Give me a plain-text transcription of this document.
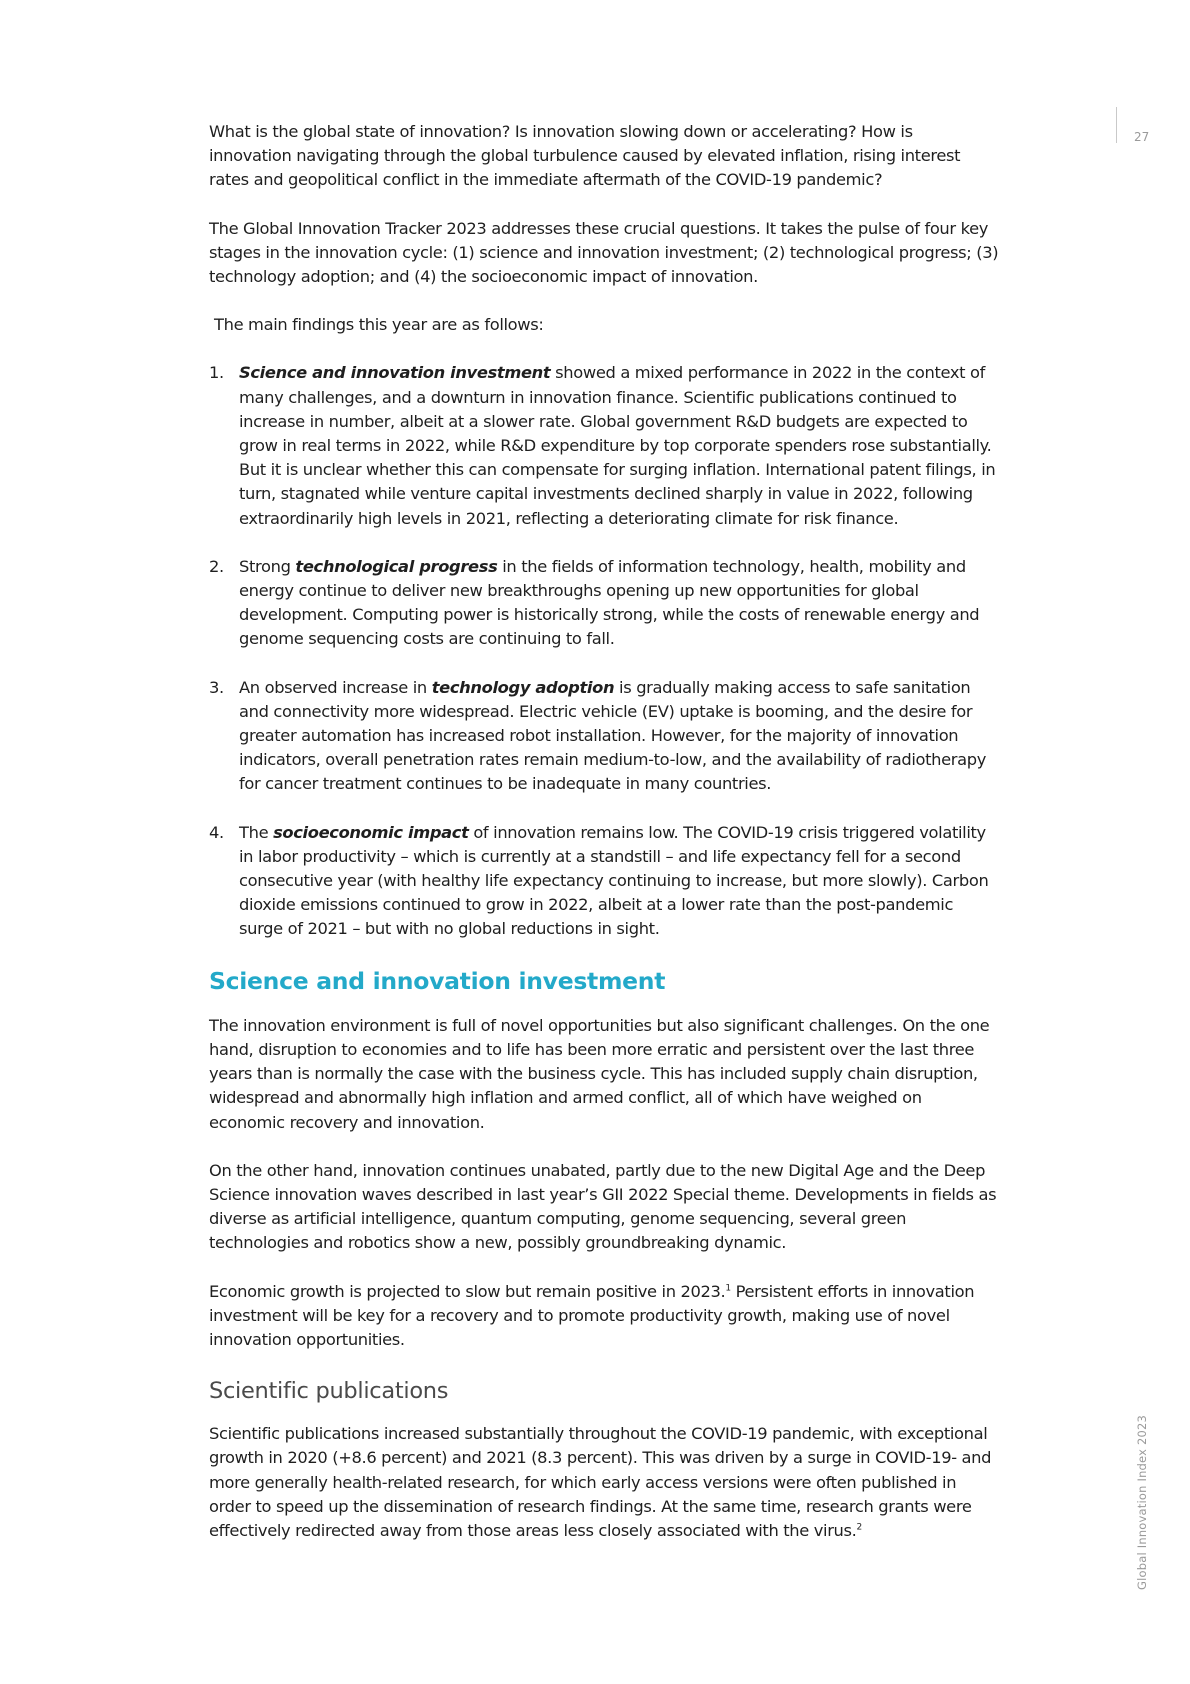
27
Global Innovation Index 2023

What is the global state of innovation? Is innovation slowing down or accelerating? How is innovation navigating through the global turbulence caused by elevated inflation, rising interest rates and geopolitical conflict in the immediate aftermath of the COVID-19 pandemic?

The Global Innovation Tracker 2023 addresses these crucial questions. It takes the pulse of four key stages in the innovation cycle: (1) science and innovation investment; (2) technological progress; (3) technology adoption; and (4) the socioeconomic impact of innovation.

The main findings this year are as follows:

1. Science and innovation investment showed a mixed performance in 2022 in the context of many challenges, and a downturn in innovation finance. Scientific publications continued to increase in number, albeit at a slower rate. Global government R&D budgets are expected to grow in real terms in 2022, while R&D expenditure by top corporate spenders rose substantially. But it is unclear whether this can compensate for surging inflation. International patent filings, in turn, stagnated while venture capital investments declined sharply in value in 2022, following extraordinarily high levels in 2021, reflecting a deteriorating climate for risk finance.
2. Strong technological progress in the fields of information technology, health, mobility and energy continue to deliver new breakthroughs opening up new opportunities for global development. Computing power is historically strong, while the costs of renewable energy and genome sequencing costs are continuing to fall.
3. An observed increase in technology adoption is gradually making access to safe sanitation and connectivity more widespread. Electric vehicle (EV) uptake is booming, and the desire for greater automation has increased robot installation. However, for the majority of innovation indicators, overall penetration rates remain medium-to-low, and the availability of radiotherapy for cancer treatment continues to be inadequate in many countries.
4. The socioeconomic impact of innovation remains low. The COVID-19 crisis triggered volatility in labor productivity – which is currently at a standstill – and life expectancy fell for a second consecutive year (with healthy life expectancy continuing to increase, but more slowly). Carbon dioxide emissions continued to grow in 2022, albeit at a lower rate than the post-pandemic surge of 2021 – but with no global reductions in sight.
Science and innovation investment

The innovation environment is full of novel opportunities but also significant challenges. On the one hand, disruption to economies and to life has been more erratic and persistent over the last three years than is normally the case with the business cycle. This has included supply chain disruption, widespread and abnormally high inflation and armed conflict, all of which have weighed on economic recovery and innovation.

On the other hand, innovation continues unabated, partly due to the new Digital Age and the Deep Science innovation waves described in last year’s GII 2022 Special theme. Developments in fields as diverse as artificial intelligence, quantum computing, genome sequencing, several green technologies and robotics show a new, possibly groundbreaking dynamic.

Economic growth is projected to slow but remain positive in 2023.$^1$ Persistent efforts in innovation investment will be key for a recovery and to promote productivity growth, making use of novel innovation opportunities.

Scientific publications

Scientific publications increased substantially throughout the COVID-19 pandemic, with exceptional growth in 2020 (+8.6 percent) and 2021 (8.3 percent). This was driven by a surge in COVID-19- and more generally health-related research, for which early access versions were often published in order to speed up the dissemination of research findings. At the same time, research grants were effectively redirected away from those areas less closely associated with the virus.$^2$
